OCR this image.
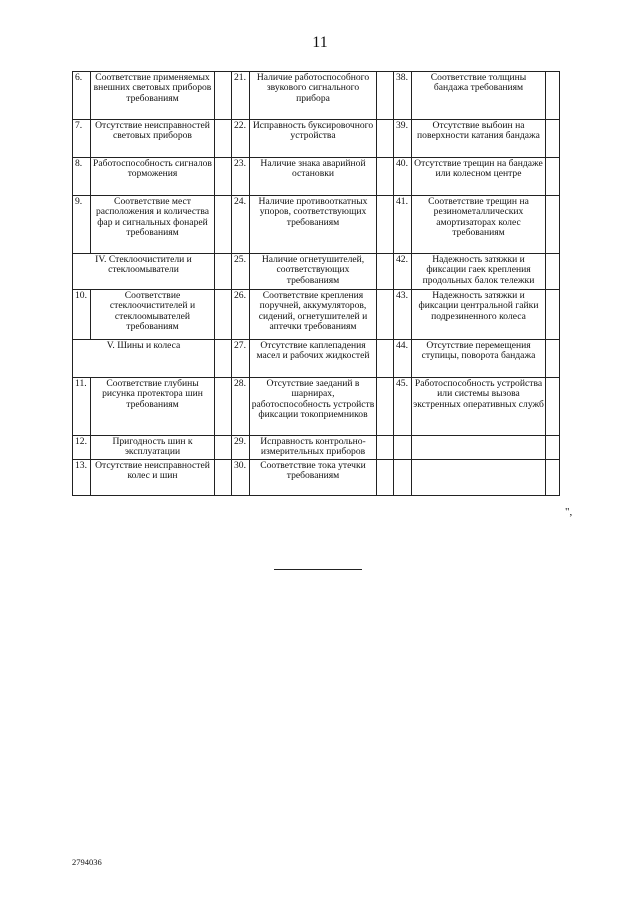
11
6.	Соответствие применяемых внешних световых приборов требованиям		21.	Наличие работоспособного звукового сигнального прибора		38.	Соответствие толщины бандажа требованиям	
7.	Отсутствие неисправностей световых приборов		22.	Исправность буксировочного устройства		39.	Отсутствие выбоин на поверхности катания бандажа	
8.	Работоспособность сигналов торможения		23.	Наличие знака аварийной остановки		40.	Отсутствие трещин на бандаже или колесном центре	
9.	Соответствие мест расположения и количества фар и сигнальных фонарей требованиям		24.	Наличие противооткатных упоров, соответствующих требованиям		41.	Соответствие трещин на резинометаллических амортизаторах колес требованиям	
IV. Стеклоочистители и стеклоомыватели			25.	Наличие огнетушителей, соответствующих требованиям		42.	Надежность затяжки и фиксации гаек крепления продольных балок тележки	
10.	Соответствие стеклоочистителей и стеклоомывателей требованиям		26.	Соответствие крепления поручней, аккумуляторов, сидений, огнетушителей и аптечки требованиям		43.	Надежность затяжки и фиксации центральной гайки подрезиненного колеса	
V. Шины и колеса			27.	Отсутствие каплепадения масел и рабочих жидкостей		44.	Отсутствие перемещения ступицы, поворота бандажа	
11.	Соответствие глубины рисунка протектора шин требованиям		28.	Отсутствие заеданий в шарнирах, работоспособность устройств фиксации токоприемников		45.	Работоспособность устройства или системы вызова экстренных оперативных служб	
12.	Пригодность шин к эксплуатации		29.	Исправность контрольно-измерительных приборов				
13.	Отсутствие неисправностей колес и шин		30.	Соответствие тока утечки требованиям				
",
2794036
